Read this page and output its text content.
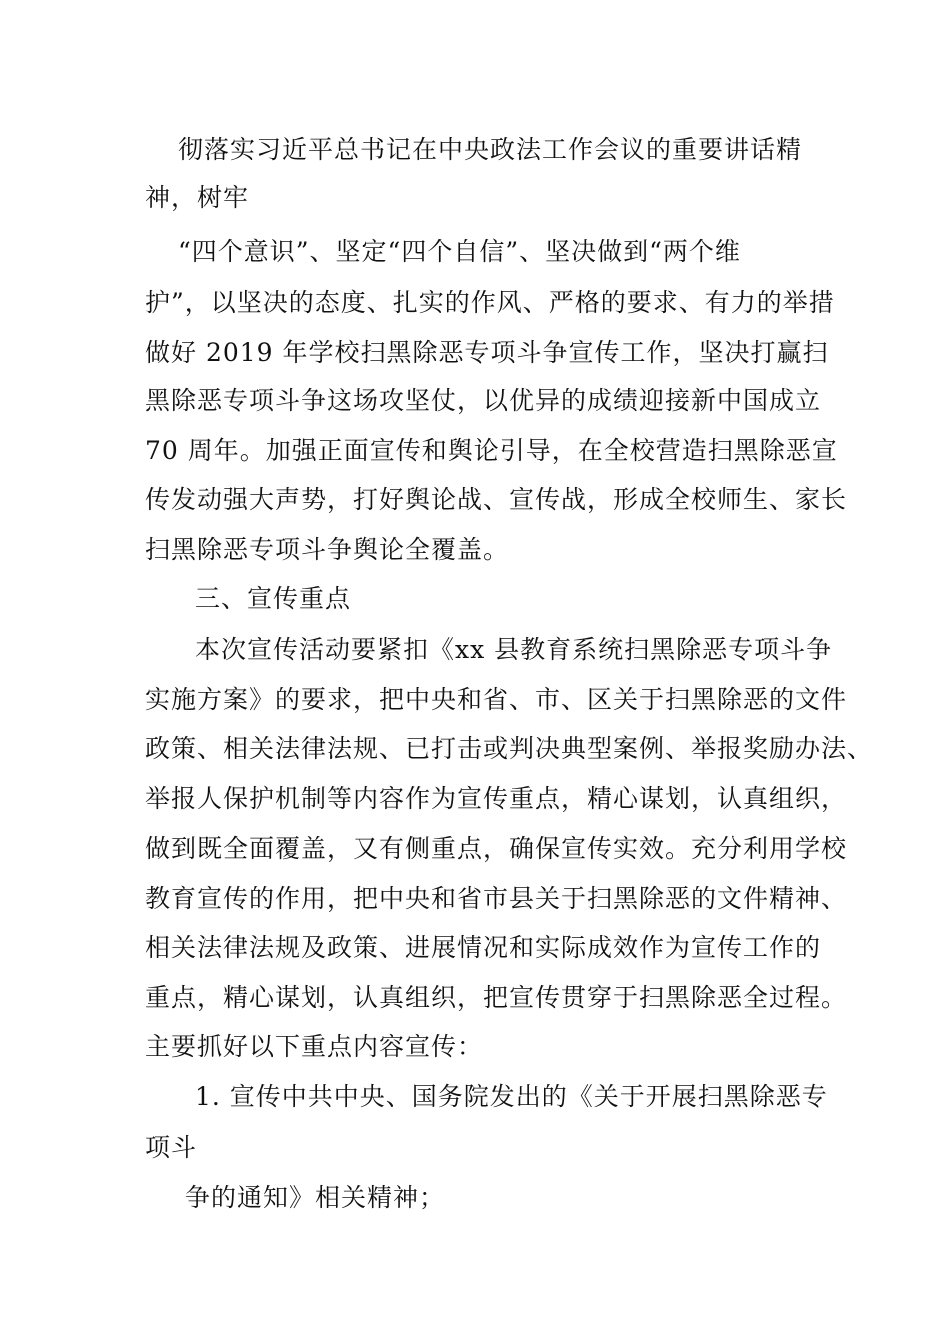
彻落实习近平总书记在中央政法工作会议的重要讲话精
神，树牢
“四个意识”、坚定“四个自信”、坚决做到“两个维
护”，以坚决的态度、扎实的作风、严格的要求、有力的举措
做好 2019 年学校扫黑除恶专项斗争宣传工作，坚决打赢扫
黑除恶专项斗争这场攻坚仗，以优异的成绩迎接新中国成立
70 周年。加强正面宣传和舆论引导，在全校营造扫黑除恶宣
传发动强大声势，打好舆论战、宣传战，形成全校师生、家长
扫黑除恶专项斗争舆论全覆盖。
三、宣传重点
本次宣传活动要紧扣《xx 县教育系统扫黑除恶专项斗争
实施方案》的要求，把中央和省、市、区关于扫黑除恶的文件
政策、相关法律法规、已打击或判决典型案例、举报奖励办法、
举报人保护机制等内容作为宣传重点，精心谋划，认真组织，
做到既全面覆盖，又有侧重点，确保宣传实效。充分利用学校
教育宣传的作用，把中央和省市县关于扫黑除恶的文件精神、
相关法律法规及政策、进展情况和实际成效作为宣传工作的
重点，精心谋划，认真组织，把宣传贯穿于扫黑除恶全过程。
主要抓好以下重点内容宣传：
1. 宣传中共中央、国务院发出的《关于开展扫黑除恶专
项斗
争的通知》相关精神；
